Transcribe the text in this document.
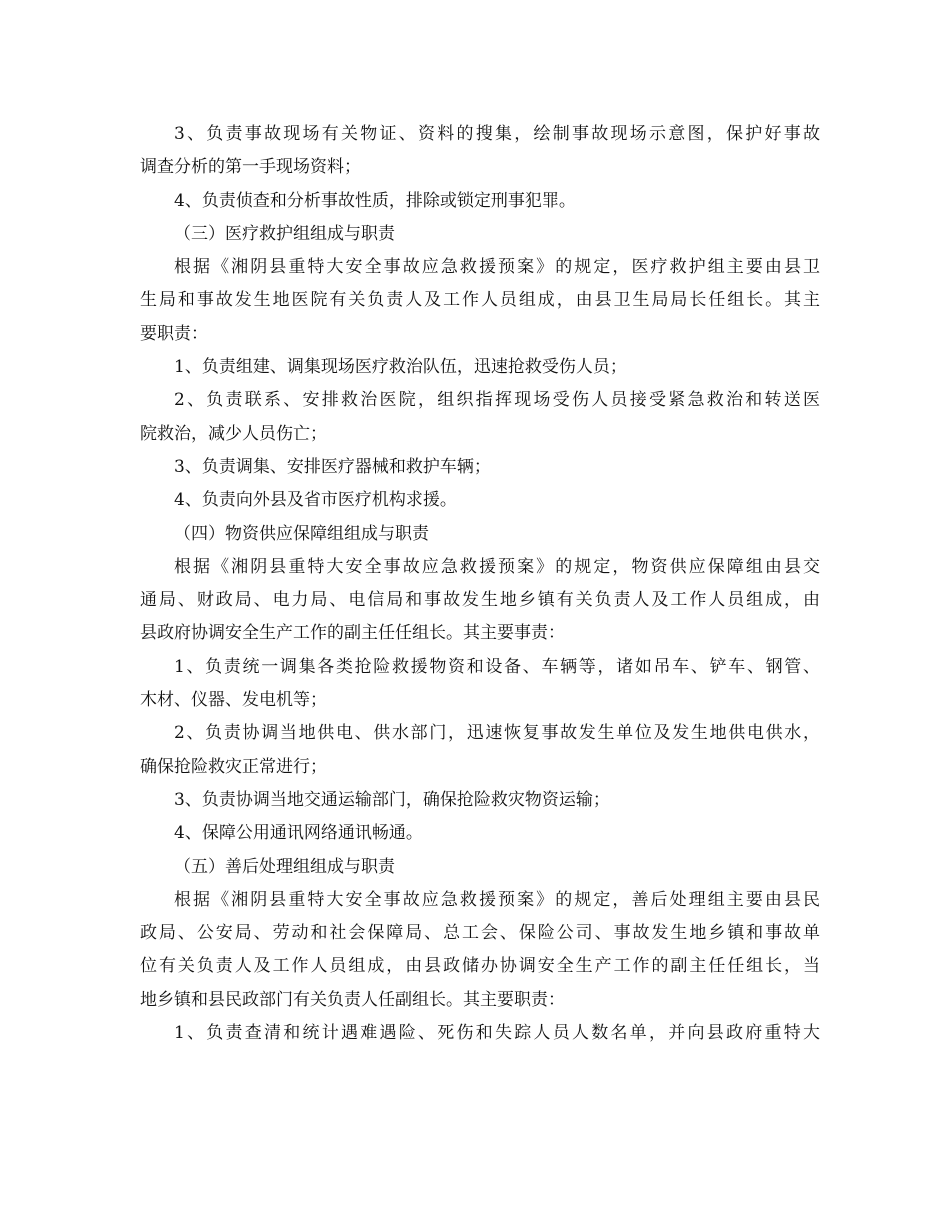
3、负责事故现场有关物证、资料的搜集，绘制事故现场示意图，保护好事故

调查分析的第一手现场资料；

4、负责侦查和分析事故性质，排除或锁定刑事犯罪。

（三）医疗救护组组成与职责

根据《湘阴县重特大安全事故应急救援预案》的规定，医疗救护组主要由县卫

生局和事故发生地医院有关负责人及工作人员组成，由县卫生局局长任组长。其主

要职责：

1、负责组建、调集现场医疗救治队伍，迅速抢救受伤人员；

2、负责联系、安排救治医院，组织指挥现场受伤人员接受紧急救治和转送医

院救治，减少人员伤亡；

3、负责调集、安排医疗器械和救护车辆；

4、负责向外县及省市医疗机构求援。

（四）物资供应保障组组成与职责

根据《湘阴县重特大安全事故应急救援预案》的规定，物资供应保障组由县交

通局、财政局、电力局、电信局和事故发生地乡镇有关负责人及工作人员组成，由

县政府协调安全生产工作的副主任任组长。其主要事责：

1、负责统一调集各类抢险救援物资和设备、车辆等，诸如吊车、铲车、钢管、

木材、仪器、发电机等；

2、负责协调当地供电、供水部门，迅速恢复事故发生单位及发生地供电供水，

确保抢险救灾正常进行；

3、负责协调当地交通运输部门，确保抢险救灾物资运输；

4、保障公用通讯网络通讯畅通。

（五）善后处理组组成与职责

根据《湘阴县重特大安全事故应急救援预案》的规定，善后处理组主要由县民

政局、公安局、劳动和社会保障局、总工会、保险公司、事故发生地乡镇和事故单

位有关负责人及工作人员组成，由县政储办协调安全生产工作的副主任任组长，当

地乡镇和县民政部门有关负责人任副组长。其主要职责：

1、负责查清和统计遇难遇险、死伤和失踪人员人数名单，并向县政府重特大
